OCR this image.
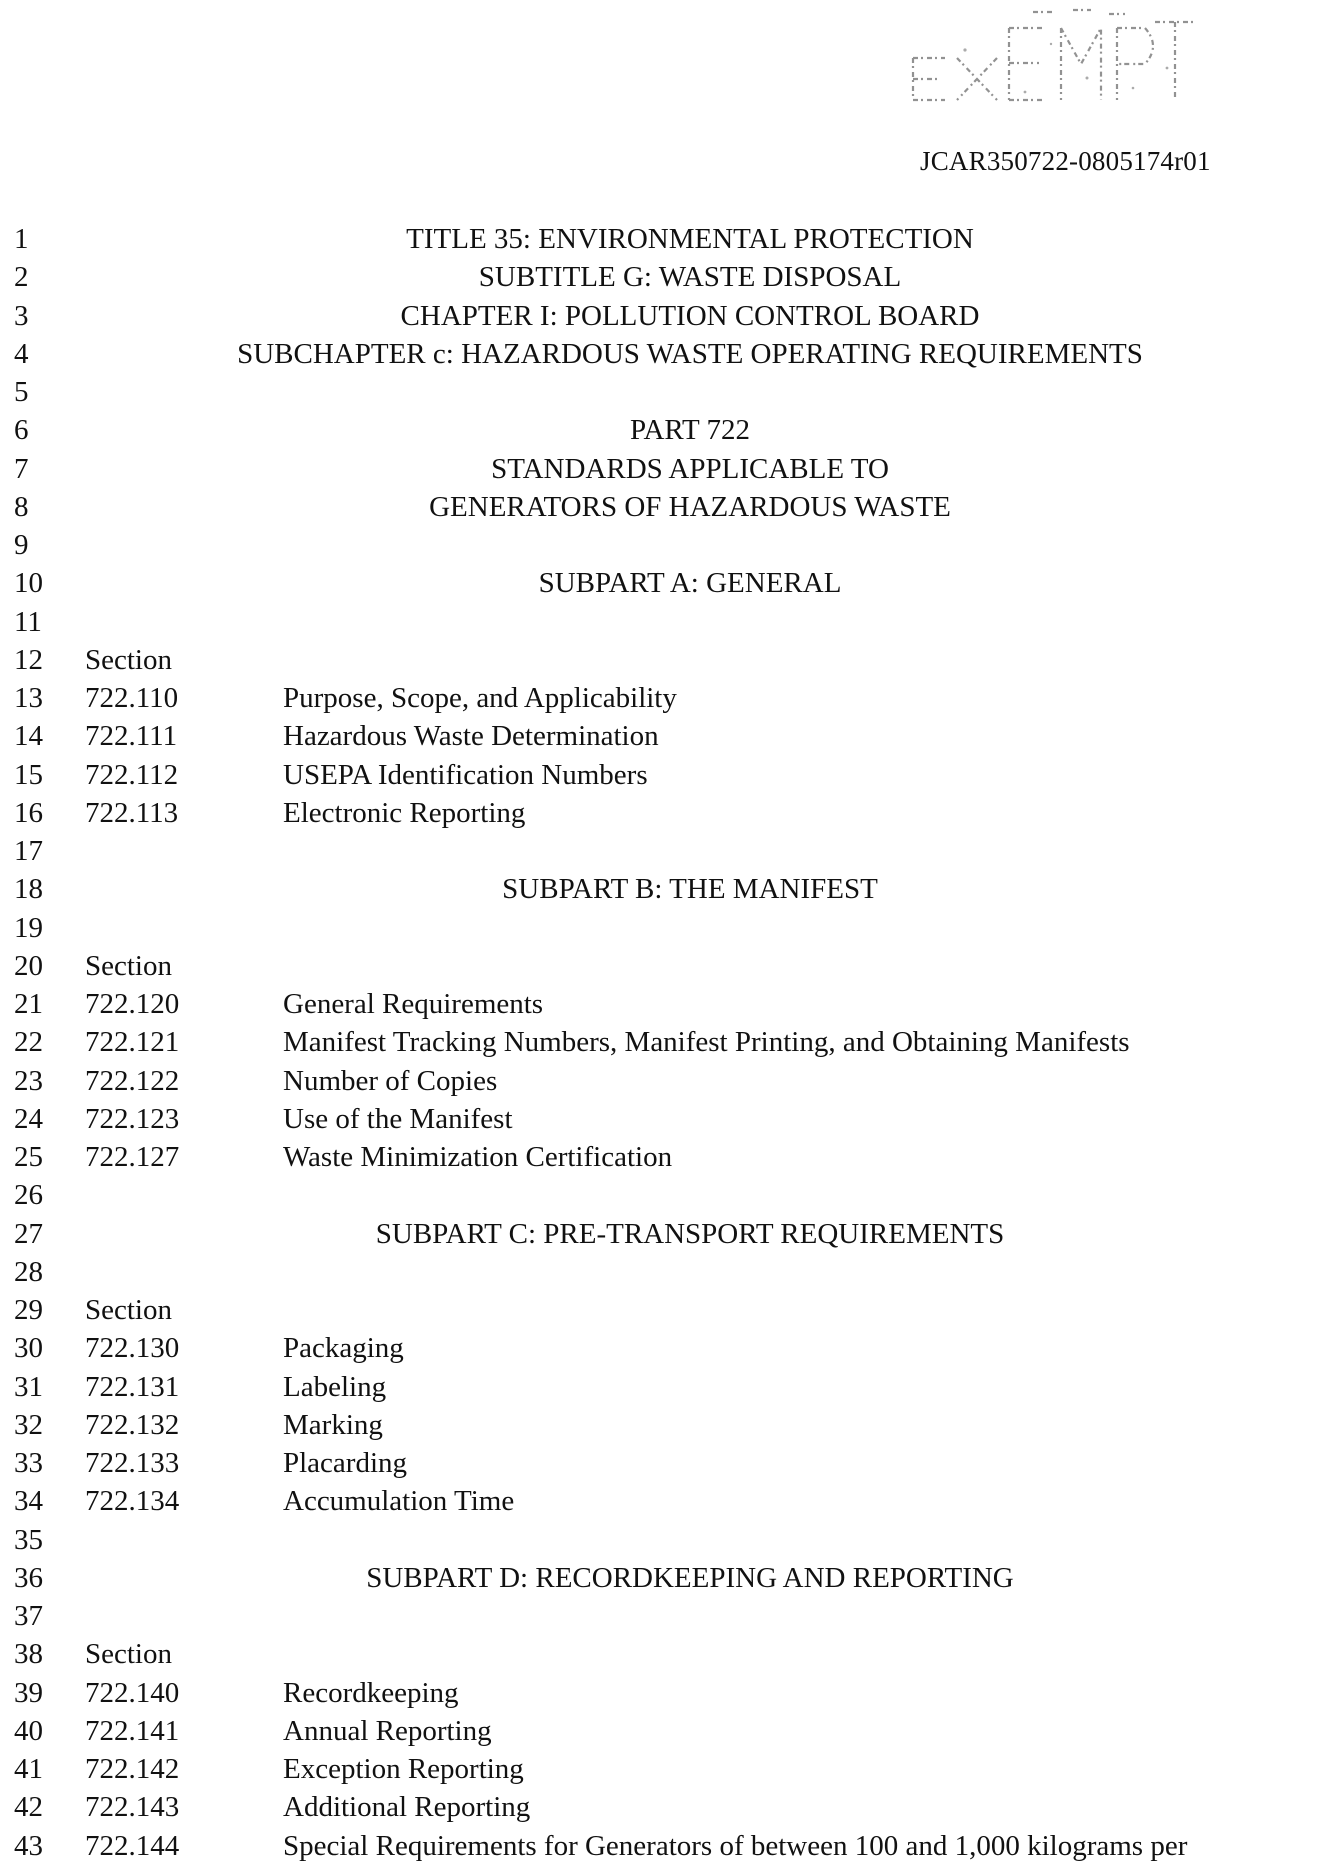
JCAR350722-0805174r01
1	TITLE 35: ENVIRONMENTAL PROTECTION
2	SUBTITLE G: WASTE DISPOSAL
3	CHAPTER I: POLLUTION CONTROL BOARD
4	SUBCHAPTER c: HAZARDOUS WASTE OPERATING REQUIREMENTS
5
6	PART 722
7	STANDARDS APPLICABLE TO
8	GENERATORS OF HAZARDOUS WASTE
9
10	SUBPART A: GENERAL
11
12	Section
13	722.110	Purpose, Scope, and Applicability
14	722.111	Hazardous Waste Determination
15	722.112	USEPA Identification Numbers
16	722.113	Electronic Reporting
17
18	SUBPART B: THE MANIFEST
19
20	Section
21	722.120	General Requirements
22	722.121	Manifest Tracking Numbers, Manifest Printing, and Obtaining Manifests
23	722.122	Number of Copies
24	722.123	Use of the Manifest
25	722.127	Waste Minimization Certification
26
27	SUBPART C: PRE-TRANSPORT REQUIREMENTS
28
29	Section
30	722.130	Packaging
31	722.131	Labeling
32	722.132	Marking
33	722.133	Placarding
34	722.134	Accumulation Time
35
36	SUBPART D: RECORDKEEPING AND REPORTING
37
38	Section
39	722.140	Recordkeeping
40	722.141	Annual Reporting
41	722.142	Exception Reporting
42	722.143	Additional Reporting
43	722.144	Special Requirements for Generators of between 100 and 1,000 kilograms per
